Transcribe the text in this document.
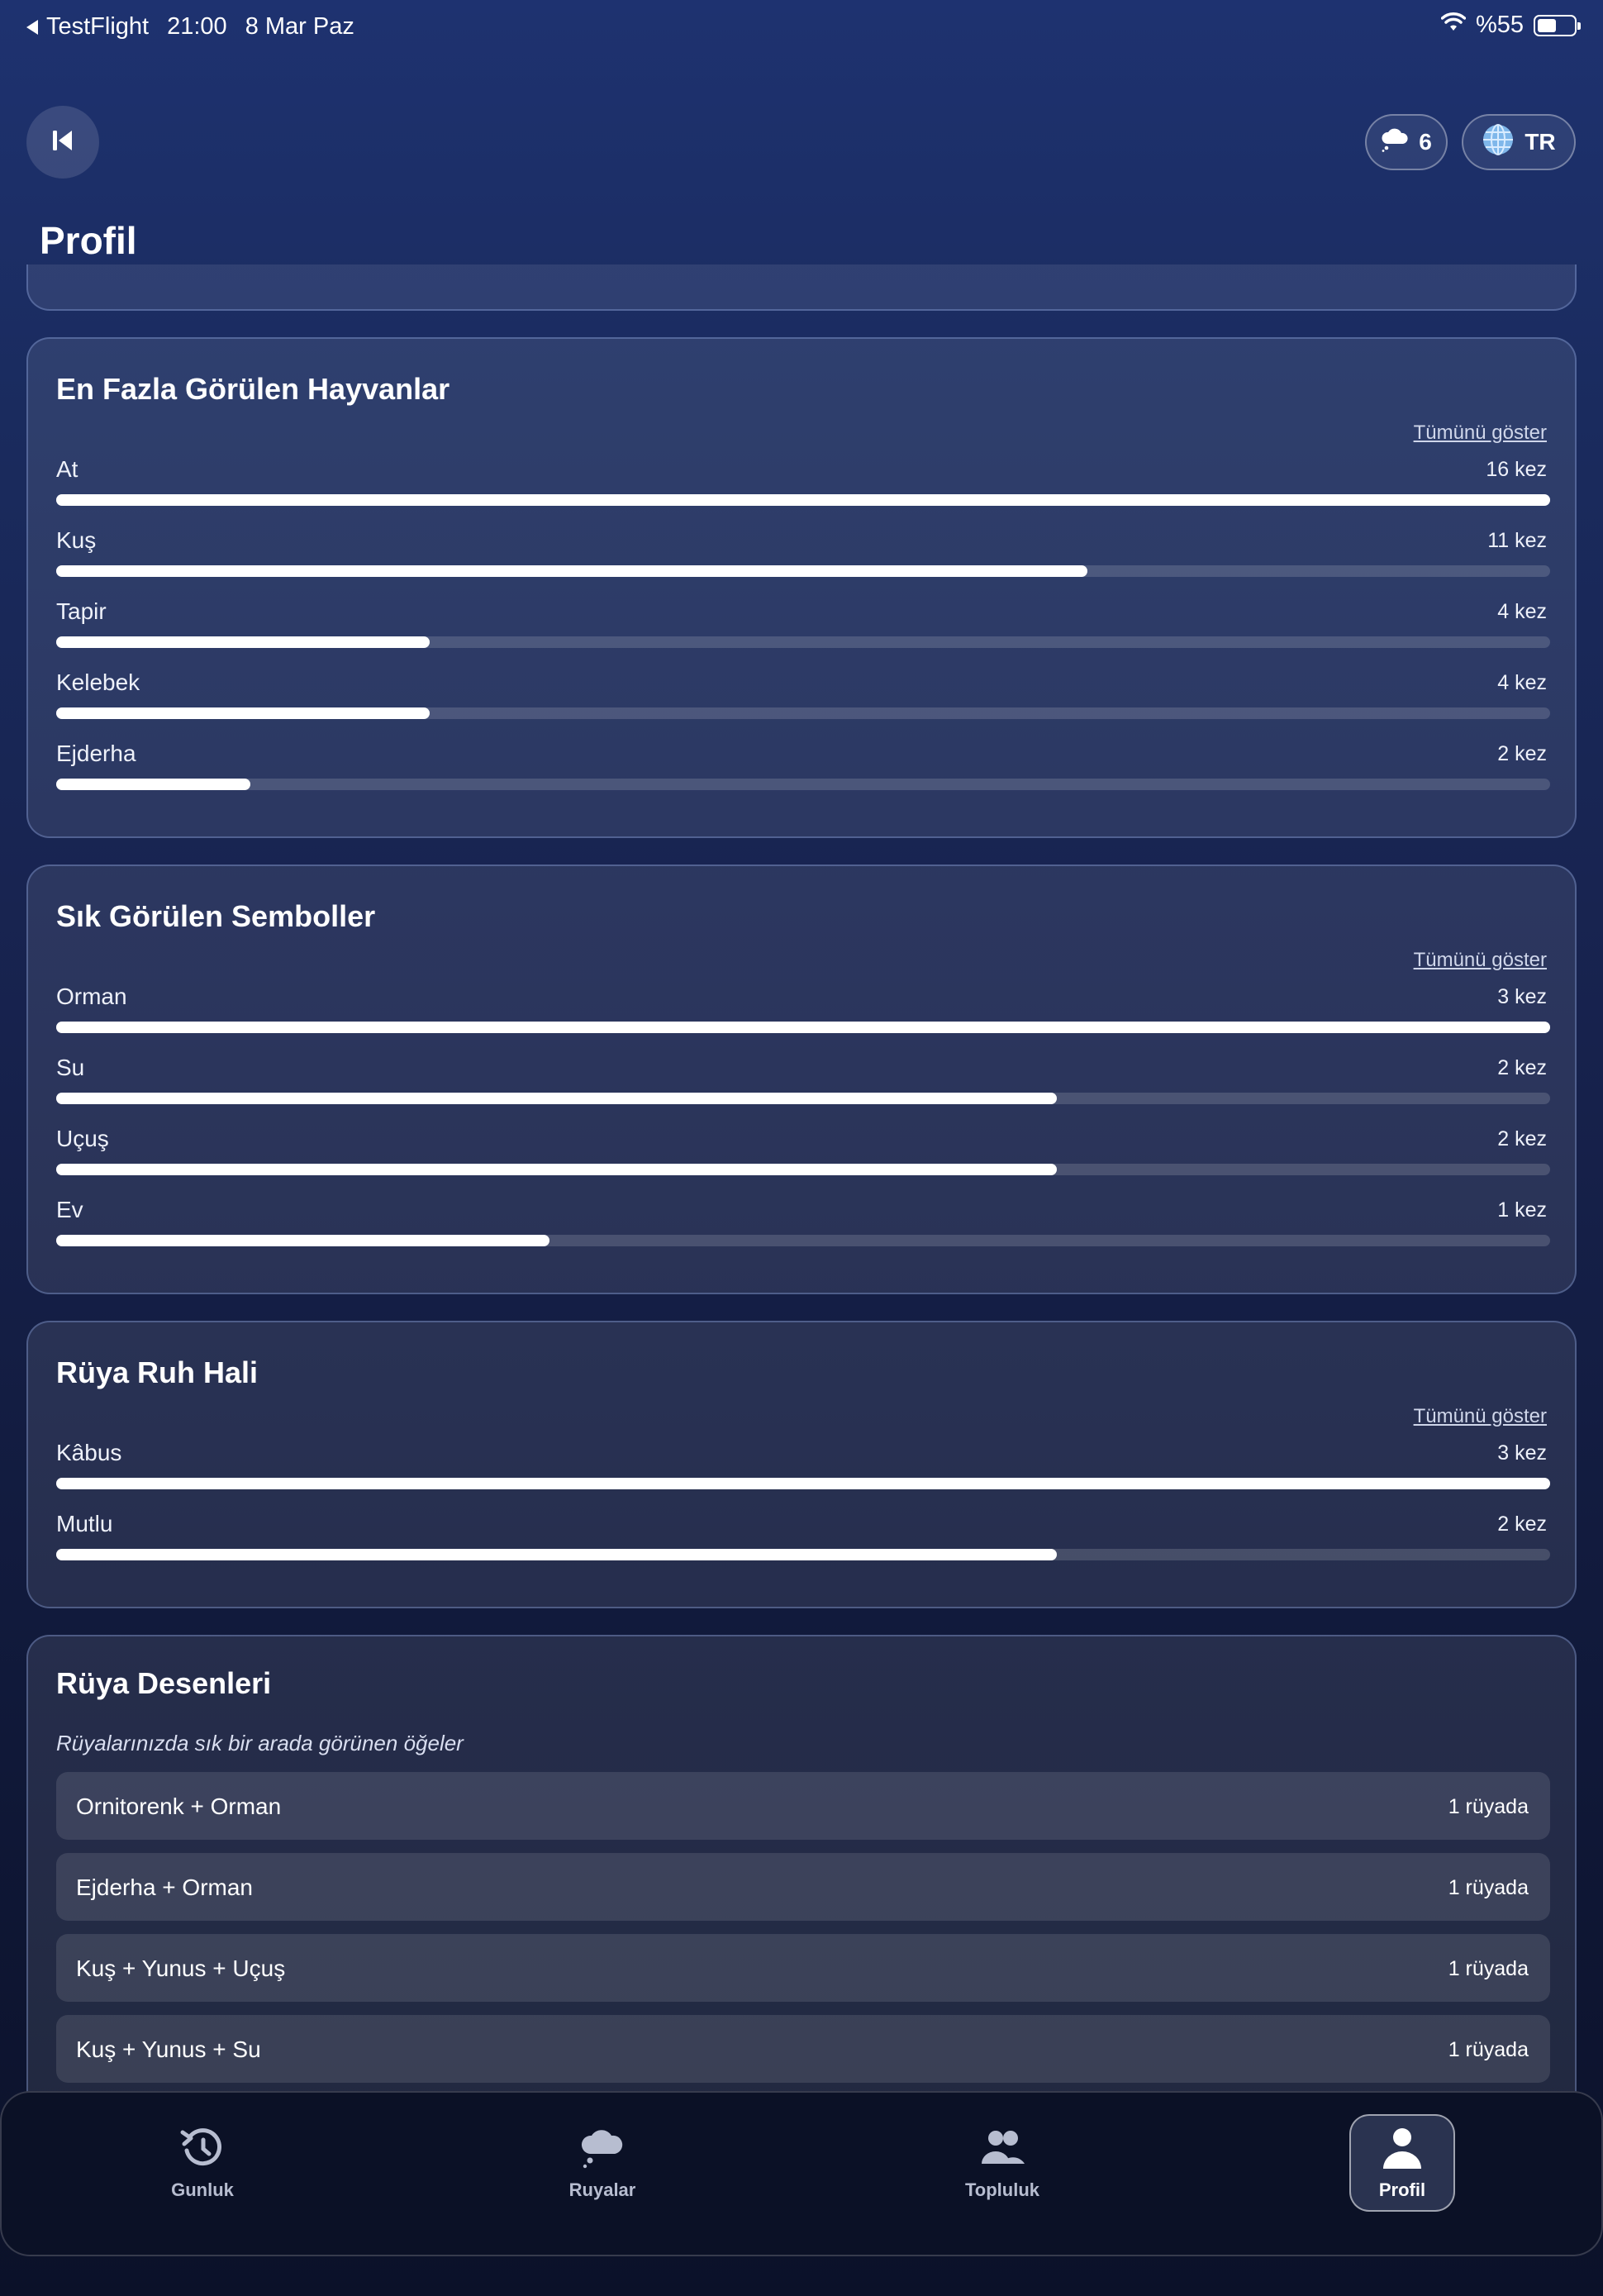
TestFlight 21:00 8 Mar Paz	%55
6	TR
Profil
En Fazla Görülen Hayvanlar
Tümünü göster
At	16 kez
Kuş	11 kez
Tapir	4 kez
Kelebek	4 kez
Ejderha	2 kez
Sık Görülen Semboller
Tümünü göster
Orman	3 kez
Su	2 kez
Uçuş	2 kez
Ev	1 kez
Rüya Ruh Hali
Tümünü göster
Kâbus	3 kez
Mutlu	2 kez
Rüya Desenleri
Rüyalarınızda sık bir arada görünen öğeler
Ornitorenk + Orman	1 rüyada
Ejderha + Orman	1 rüyada
Kuş + Yunus + Uçuş	1 rüyada
Kuş + Yunus + Su	1 rüyada
Gunluk	Ruyalar	Topluluk	Profil
